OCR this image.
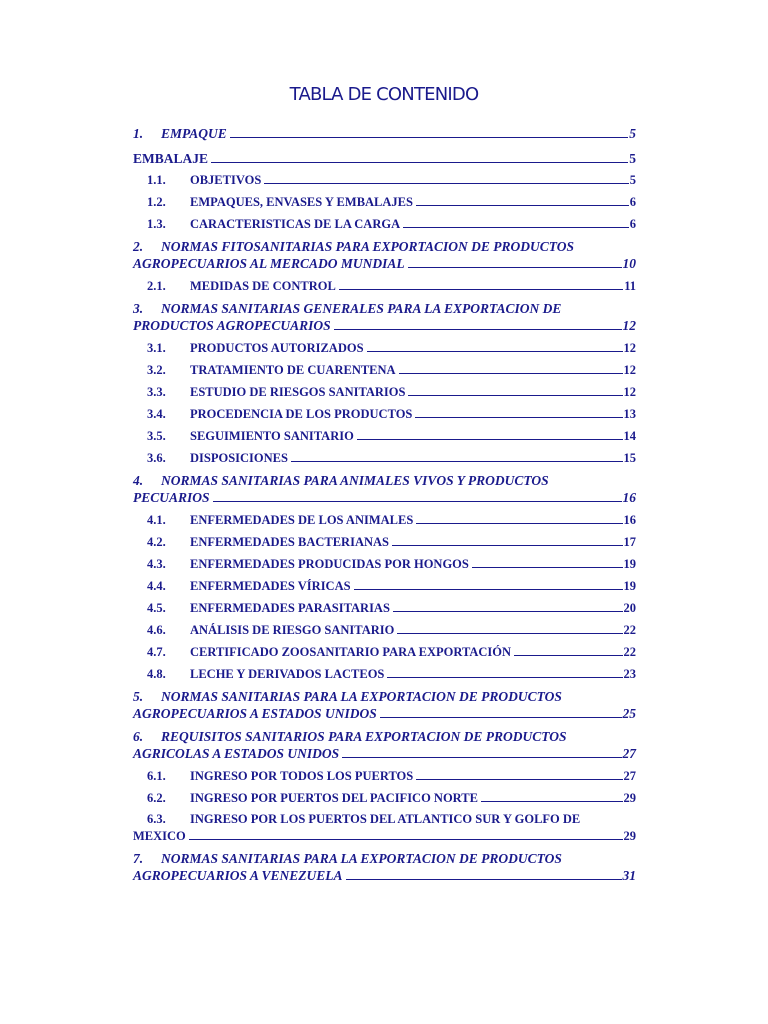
TABLA DE CONTENIDO
1.	EMPAQUE	5
EMBALAJE	5
1.1.	OBJETIVOS	5
1.2.	EMPAQUES, ENVASES Y EMBALAJES	6
1.3.	CARACTERISTICAS DE LA CARGA	6
2.	NORMAS FITOSANITARIAS PARA EXPORTACION DE PRODUCTOS
AGROPECUARIOS AL MERCADO MUNDIAL	10
2.1.	MEDIDAS DE CONTROL	11
3.	NORMAS SANITARIAS GENERALES PARA LA EXPORTACION DE
PRODUCTOS AGROPECUARIOS	12
3.1.	PRODUCTOS AUTORIZADOS	12
3.2.	TRATAMIENTO DE CUARENTENA	12
3.3.	ESTUDIO DE RIESGOS SANITARIOS	12
3.4.	PROCEDENCIA DE LOS PRODUCTOS	13
3.5.	SEGUIMIENTO SANITARIO	14
3.6.	DISPOSICIONES	15
4.	NORMAS SANITARIAS PARA ANIMALES VIVOS Y PRODUCTOS
PECUARIOS	16
4.1.	ENFERMEDADES DE LOS ANIMALES	16
4.2.	ENFERMEDADES BACTERIANAS	17
4.3.	ENFERMEDADES PRODUCIDAS POR HONGOS	19
4.4.	ENFERMEDADES VÍRICAS	19
4.5.	ENFERMEDADES PARASITARIAS	20
4.6.	ANÁLISIS DE RIESGO SANITARIO	22
4.7.	CERTIFICADO ZOOSANITARIO PARA EXPORTACIÓN	22
4.8.	LECHE Y DERIVADOS LACTEOS	23
5.	NORMAS SANITARIAS PARA LA EXPORTACION DE PRODUCTOS
AGROPECUARIOS A ESTADOS UNIDOS	25
6.	REQUISITOS SANITARIOS PARA EXPORTACION DE PRODUCTOS
AGRICOLAS A ESTADOS UNIDOS	27
6.1.	INGRESO POR TODOS LOS PUERTOS	27
6.2.	INGRESO POR PUERTOS DEL PACIFICO NORTE	29
6.3.	INGRESO POR LOS PUERTOS DEL ATLANTICO SUR Y GOLFO DE
MEXICO	29
7.	NORMAS SANITARIAS PARA LA EXPORTACION DE PRODUCTOS
AGROPECUARIOS A VENEZUELA	31
